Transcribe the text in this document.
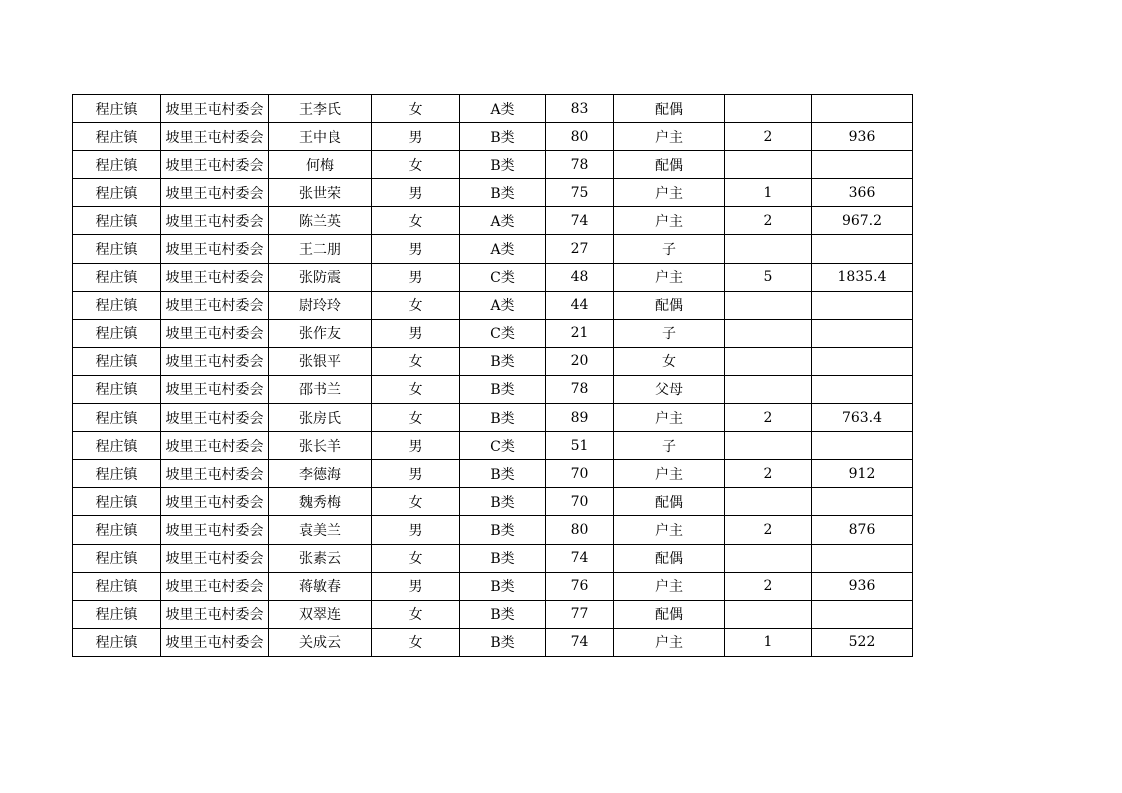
程庄镇	坡里王屯村委会	王李氏	女	A类	83	配偶		
程庄镇	坡里王屯村委会	王中良	男	B类	80	户主	2	936
程庄镇	坡里王屯村委会	何梅	女	B类	78	配偶		
程庄镇	坡里王屯村委会	张世荣	男	B类	75	户主	1	366
程庄镇	坡里王屯村委会	陈兰英	女	A类	74	户主	2	967.2
程庄镇	坡里王屯村委会	王二朋	男	A类	27	子		
程庄镇	坡里王屯村委会	张防震	男	C类	48	户主	5	1835.4
程庄镇	坡里王屯村委会	尉玲玲	女	A类	44	配偶		
程庄镇	坡里王屯村委会	张作友	男	C类	21	子		
程庄镇	坡里王屯村委会	张银平	女	B类	20	女		
程庄镇	坡里王屯村委会	邵书兰	女	B类	78	父母		
程庄镇	坡里王屯村委会	张房氏	女	B类	89	户主	2	763.4
程庄镇	坡里王屯村委会	张长羊	男	C类	51	子		
程庄镇	坡里王屯村委会	李德海	男	B类	70	户主	2	912
程庄镇	坡里王屯村委会	魏秀梅	女	B类	70	配偶		
程庄镇	坡里王屯村委会	袁美兰	男	B类	80	户主	2	876
程庄镇	坡里王屯村委会	张素云	女	B类	74	配偶		
程庄镇	坡里王屯村委会	蒋敏春	男	B类	76	户主	2	936
程庄镇	坡里王屯村委会	双翠连	女	B类	77	配偶		
程庄镇	坡里王屯村委会	关成云	女	B类	74	户主	1	522
